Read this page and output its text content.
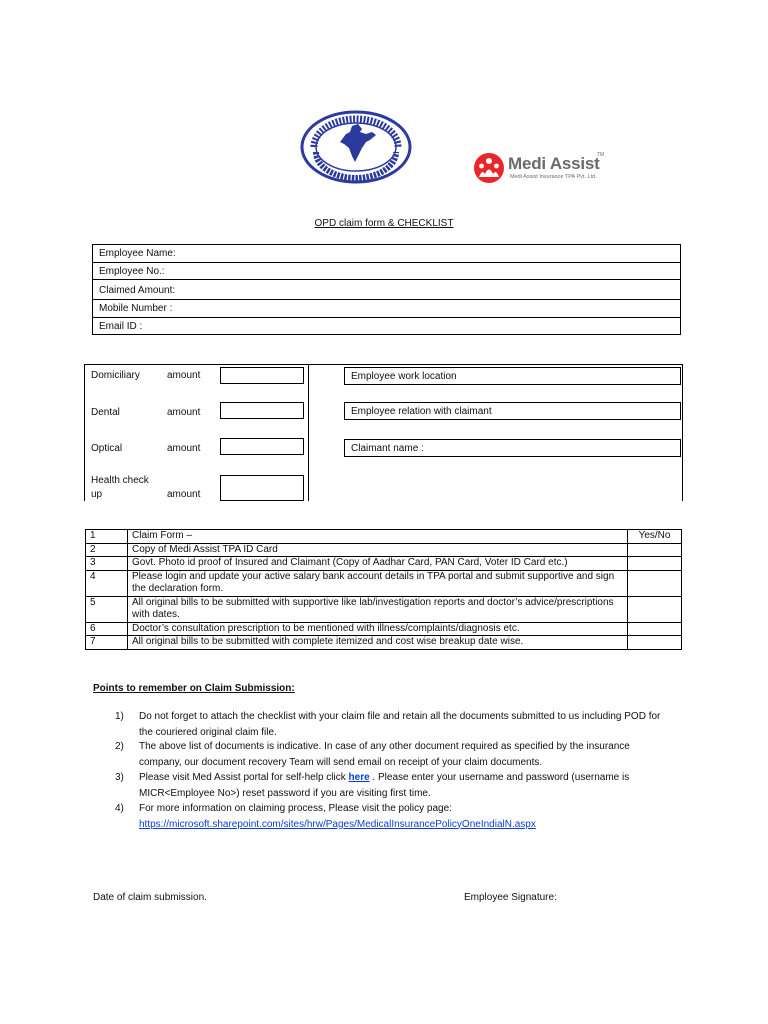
Medi Assist
TM
Medi Assist Insurance TPA Pvt. Ltd.
OPD claim form & CHECKLIST
Employee Name:
Employee No.:
Claimed Amount:
Mobile Number :
Email ID :
Domiciliary	amount
Dental	amount
Optical	amount
Health check
up	amount
Employee work location
Employee relation with claimant
Claimant name :
1	Claim Form –	Yes/No
2	Copy of Medi Assist TPA ID Card	
3	Govt. Photo id proof of Insured and Claimant (Copy of Aadhar Card, PAN Card, Voter ID Card etc.)	
4	Please login and update your active salary bank account details in TPA portal and submit supportive and sign the declaration form.	
5	All original bills to be submitted with supportive like lab/investigation reports and doctor’s advice/prescriptions with dates.	
6	Doctor’s consultation prescription to be mentioned with illness/complaints/diagnosis etc.	
7	All original bills to be submitted with complete itemized and cost wise breakup date wise.	
Points to remember on Claim Submission:
1) Do not forget to attach the checklist with your claim file and retain all the documents submitted to us including POD for the couriered original claim file.
2) The above list of documents is indicative. In case of any other document required as specified by the insurance company, our document recovery Team will send email on receipt of your claim documents.
3) Please visit Med Assist portal for self-help click here . Please enter your username and password (username is MICR<Employee No>) reset password if you are visiting first time.
4) For more information on claiming process, Please visit the policy page: https://microsoft.sharepoint.com/sites/hrw/Pages/MedicalInsurancePolicyOneIndialN.aspx
Date of claim submission.	Employee Signature:
